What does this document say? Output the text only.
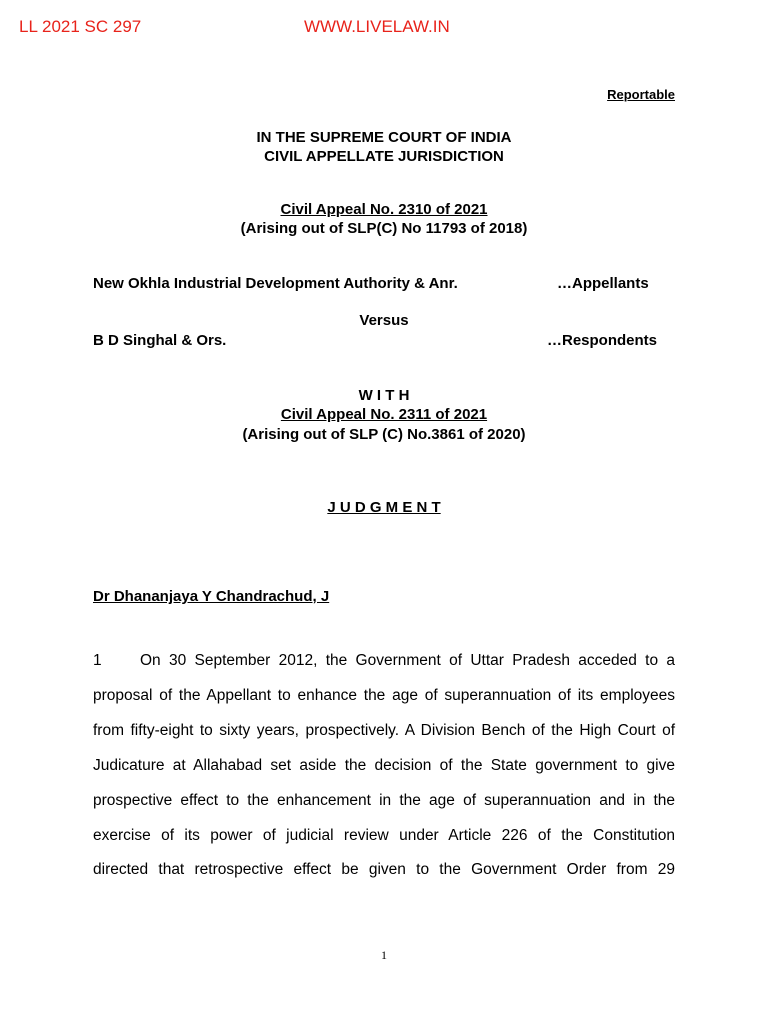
LL 2021 SC 297	WWW.LIVELAW.IN
Reportable
IN THE SUPREME COURT OF INDIA
CIVIL APPELLATE JURISDICTION
Civil Appeal No. 2310 of 2021
(Arising out of SLP(C) No 11793 of 2018)
New Okhla Industrial Development Authority & Anr.	…Appellants
Versus
B D Singhal & Ors.	…Respondents
W I T H
Civil Appeal No. 2311 of 2021
(Arising out of SLP (C) No.3861 of 2020)
J U D G M E N T
Dr Dhananjaya Y Chandrachud, J
1 On 30 September 2012, the Government of Uttar Pradesh acceded to a
proposal of the Appellant to enhance the age of superannuation of its employees
from fifty-eight to sixty years, prospectively. A Division Bench of the High Court of
Judicature at Allahabad set aside the decision of the State government to give
prospective effect to the enhancement in the age of superannuation and in the
exercise of its power of judicial review under Article 226 of the Constitution
directed that retrospective effect be given to the Government Order from 29
1
